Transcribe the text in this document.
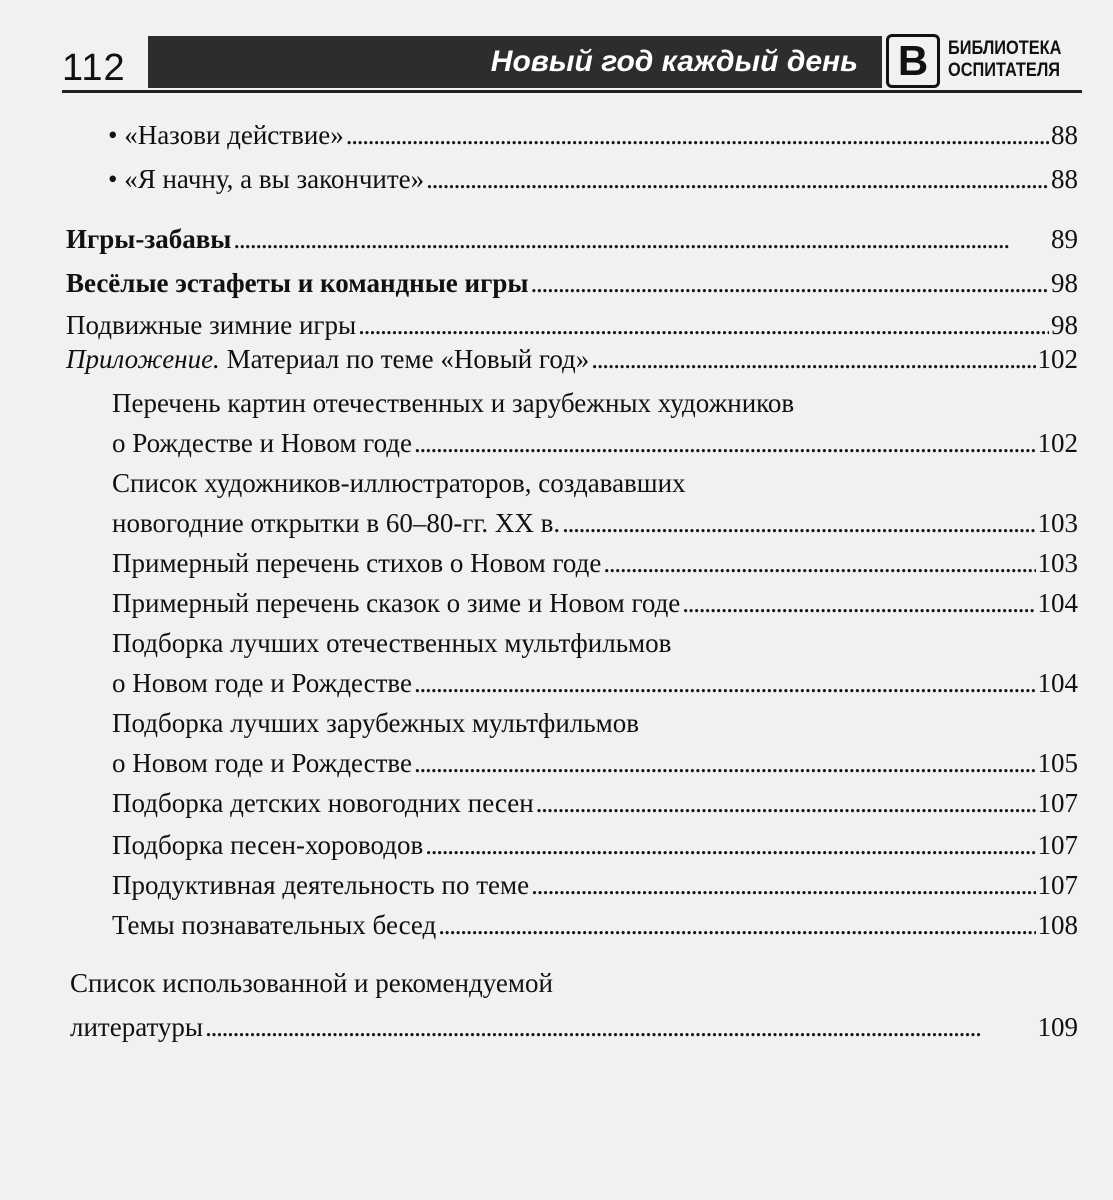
112	Новый год каждый день В	БИБЛИОТЕКА
ОСПИТАТЕЛЯ
• «Назови действие» . . .	88
• «Я начну, а вы закончите» . . .	88
Игры-забавы . . .	89
Весёлые эстафеты и командные игры . . .	98
Подвижные зимние игры . . .	98
Приложение. Материал по теме «Новый год» . . .	102
Перечень картин отечественных и зарубежных художников
о Рождестве и Новом годе . . .	102
Список художников-иллюстраторов, создававших
новогодние открытки в 60–80-гг. XX в. . . .	103
Примерный перечень стихов о Новом годе . . .	103
Примерный перечень сказок о зиме и Новом годе . . .	104
Подборка лучших отечественных мультфильмов
о Новом годе и Рождестве . . .	104
Подборка лучших зарубежных мультфильмов
о Новом годе и Рождестве . . .	105
Подборка детских новогодних песен . . .	107
Подборка песен-хороводов . . .	107
Продуктивная деятельность по теме . . .	107
Темы познавательных бесед . . .	108
Список использованной и рекомендуемой
литературы . . .	109
